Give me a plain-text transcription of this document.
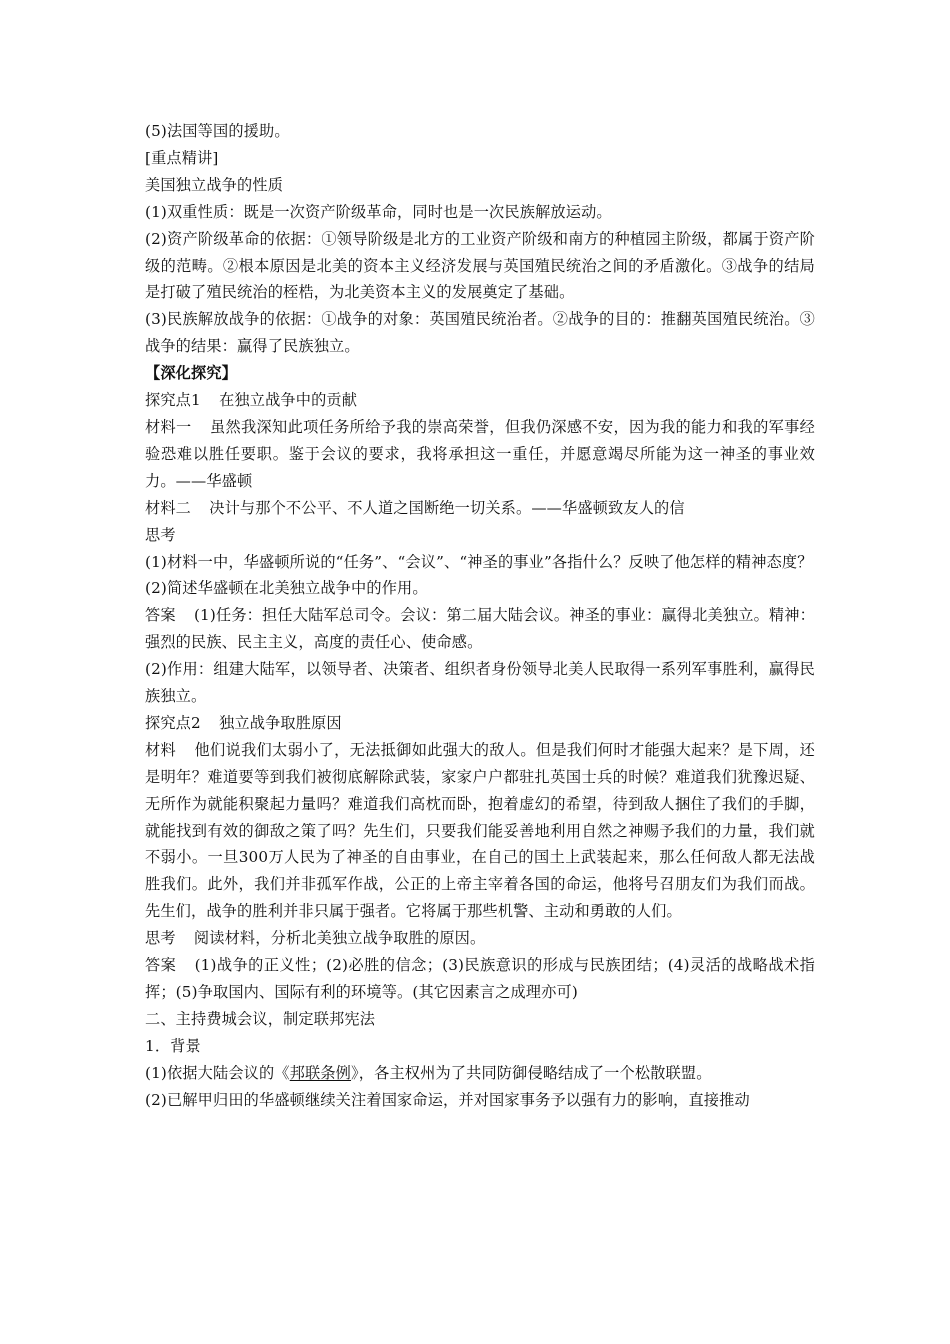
(5)法国等国的援助。

[重点精讲]

美国独立战争的性质

(1)双重性质：既是一次资产阶级革命，同时也是一次民族解放运动。

(2)资产阶级革命的依据：①领导阶级是北方的工业资产阶级和南方的种植园主阶级，都属于资产阶级的范畴。②根本原因是北美的资本主义经济发展与英国殖民统治之间的矛盾激化。③战争的结局是打破了殖民统治的桎梏，为北美资本主义的发展奠定了基础。

(3)民族解放战争的依据：①战争的对象：英国殖民统治者。②战争的目的：推翻英国殖民统治。③战争的结果：赢得了民族独立。

【深化探究】

探究点1 在独立战争中的贡献

材料一 虽然我深知此项任务所给予我的崇高荣誉，但我仍深感不安，因为我的能力和我的军事经验恐难以胜任要职。鉴于会议的要求，我将承担这一重任，并愿意竭尽所能为这一神圣的事业效力。——华盛顿

材料二 决计与那个不公平、不人道之国断绝一切关系。——华盛顿致友人的信

思考

(1)材料一中，华盛顿所说的“任务”、“会议”、“神圣的事业”各指什么？反映了他怎样的精神态度？

(2)简述华盛顿在北美独立战争中的作用。

答案 (1)任务：担任大陆军总司令。会议：第二届大陆会议。神圣的事业：赢得北美独立。精神：强烈的民族、民主主义，高度的责任心、使命感。

(2)作用：组建大陆军，以领导者、决策者、组织者身份领导北美人民取得一系列军事胜利，赢得民族独立。

探究点2 独立战争取胜原因

材料 他们说我们太弱小了，无法抵御如此强大的敌人。但是我们何时才能强大起来？是下周，还是明年？难道要等到我们被彻底解除武装，家家户户都驻扎英国士兵的时候？难道我们犹豫迟疑、无所作为就能积聚起力量吗？难道我们高枕而卧，抱着虚幻的希望，待到敌人捆住了我们的手脚，就能找到有效的御敌之策了吗？先生们，只要我们能妥善地利用自然之神赐予我们的力量，我们就不弱小。一旦300万人民为了神圣的自由事业，在自己的国土上武装起来，那么任何敌人都无法战胜我们。此外，我们并非孤军作战，公正的上帝主宰着各国的命运，他将号召朋友们为我们而战。先生们，战争的胜利并非只属于强者。它将属于那些机警、主动和勇敢的人们。

思考 阅读材料，分析北美独立战争取胜的原因。

答案 (1)战争的正义性；(2)必胜的信念；(3)民族意识的形成与民族团结；(4)灵活的战略战术指挥；(5)争取国内、国际有利的环境等。(其它因素言之成理亦可)

二、主持费城会议，制定联邦宪法

1．背景

(1)依据大陆会议的《邦联条例》，各主权州为了共同防御侵略结成了一个松散联盟。

(2)已解甲归田的华盛顿继续关注着国家命运，并对国家事务予以强有力的影响，直接推动
